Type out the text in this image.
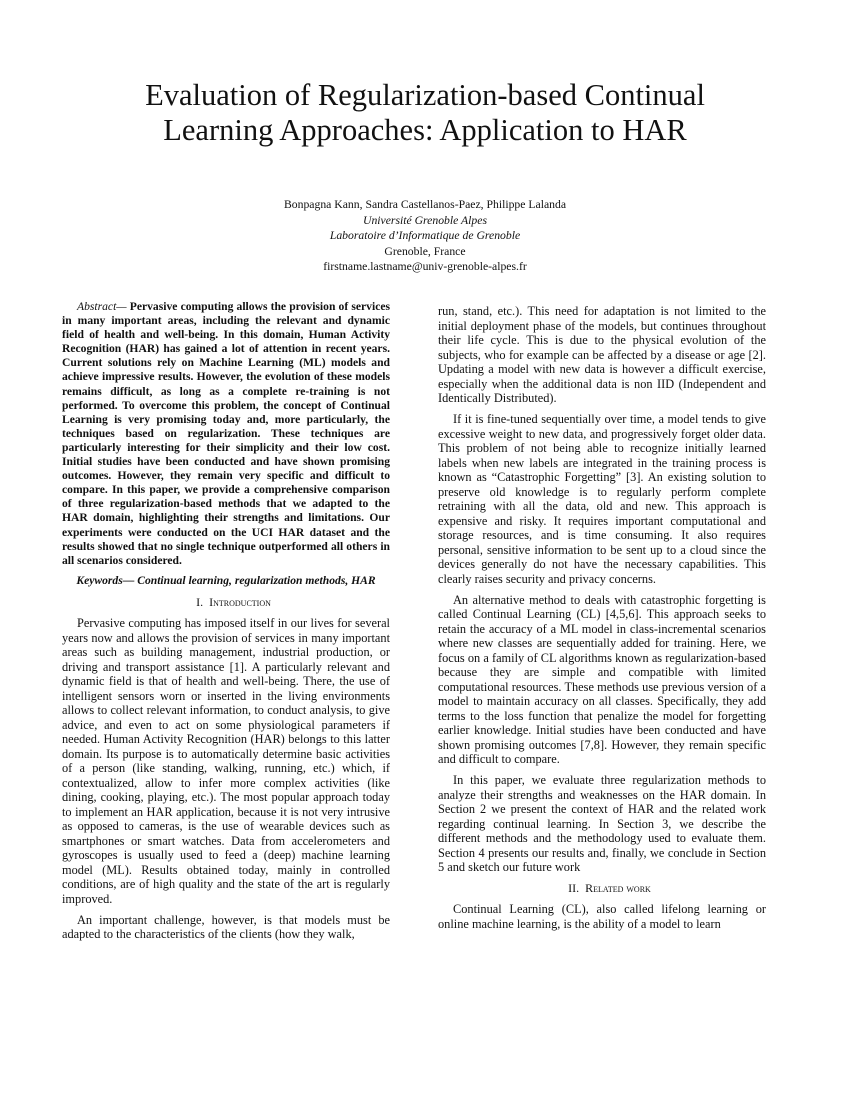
Evaluation of Regularization-based Continual
Learning Approaches: Application to HAR
Bonpagna Kann, Sandra Castellanos-Paez, Philippe Lalanda
Université Grenoble Alpes
Laboratoire d’Informatique de Grenoble
Grenoble, France
firstname.lastname@univ-grenoble-alpes.fr

Abstract— Pervasive computing allows the provision of services in many important areas, including the relevant and dynamic field of health and well-being. In this domain, Human Activity Recognition (HAR) has gained a lot of attention in recent years. Current solutions rely on Machine Learning (ML) models and achieve impressive results. However, the evolution of these models remains difficult, as long as a complete re-training is not performed. To overcome this problem, the concept of Continual Learning is very promising today and, more particularly, the techniques based on regularization. These techniques are particularly interesting for their simplicity and their low cost. Initial studies have been conducted and have shown promising outcomes. However, they remain very specific and difficult to compare. In this paper, we provide a comprehensive comparison of three regularization-based methods that we adapted to the HAR domain, highlighting their strengths and limitations. Our experiments were conducted on the UCI HAR dataset and the results showed that no single technique outperformed all others in all scenarios considered.

Keywords— Continual learning, regularization methods, HAR

I. Introduction

Pervasive computing has imposed itself in our lives for several years now and allows the provision of services in many important areas such as building management, industrial production, or driving and transport assistance [1]. A particularly relevant and dynamic field is that of health and well-being. There, the use of intelligent sensors worn or inserted in the living environments allows to collect relevant information, to conduct analysis, to give advice, and even to act on some physiological parameters if needed. Human Activity Recognition (HAR) belongs to this latter domain. Its purpose is to automatically determine basic activities of a person (like standing, walking, running, etc.) which, if contextualized, allow to infer more complex activities (like dining, cooking, playing, etc.). The most popular approach today to implement an HAR application, because it is not very intrusive as opposed to cameras, is the use of wearable devices such as smartphones or smart watches. Data from accelerometers and gyroscopes is usually used to feed a (deep) machine learning model (ML). Results obtained today, mainly in controlled conditions, are of high quality and the state of the art is regularly improved.

An important challenge, however, is that models must be adapted to the characteristics of the clients (how they walk,

run, stand, etc.). This need for adaptation is not limited to the initial deployment phase of the models, but continues throughout their life cycle. This is due to the physical evolution of the subjects, who for example can be affected by a disease or age [2]. Updating a model with new data is however a difficult exercise, especially when the additional data is non IID (Independent and Identically Distributed).

If it is fine-tuned sequentially over time, a model tends to give excessive weight to new data, and progressively forget older data. This problem of not being able to recognize initially learned labels when new labels are integrated in the training process is known as “Catastrophic Forgetting” [3]. An existing solution to preserve old knowledge is to regularly perform complete retraining with all the data, old and new. This approach is expensive and risky. It requires important computational and storage resources, and is time consuming. It also requires personal, sensitive information to be sent up to a cloud since the devices generally do not have the necessary capabilities. This clearly raises security and privacy concerns.

An alternative method to deals with catastrophic forgetting is called Continual Learning (CL) [4,5,6]. This approach seeks to retain the accuracy of a ML model in class-incremental scenarios where new classes are sequentially added for training. Here, we focus on a family of CL algorithms known as regularization-based because they are simple and compatible with limited computational resources. These methods use previous version of a model to maintain accuracy on all classes. Specifically, they add terms to the loss function that penalize the model for forgetting earlier knowledge. Initial studies have been conducted and have shown promising outcomes [7,8]. However, they remain specific and difficult to compare.

In this paper, we evaluate three regularization methods to analyze their strengths and weaknesses on the HAR domain. In Section 2 we present the context of HAR and the related work regarding continual learning. In Section 3, we describe the different methods and the methodology used to evaluate them. Section 4 presents our results and, finally, we conclude in Section 5 and sketch our future work

II. Related work

Continual Learning (CL), also called lifelong learning or online machine learning, is the ability of a model to learn
